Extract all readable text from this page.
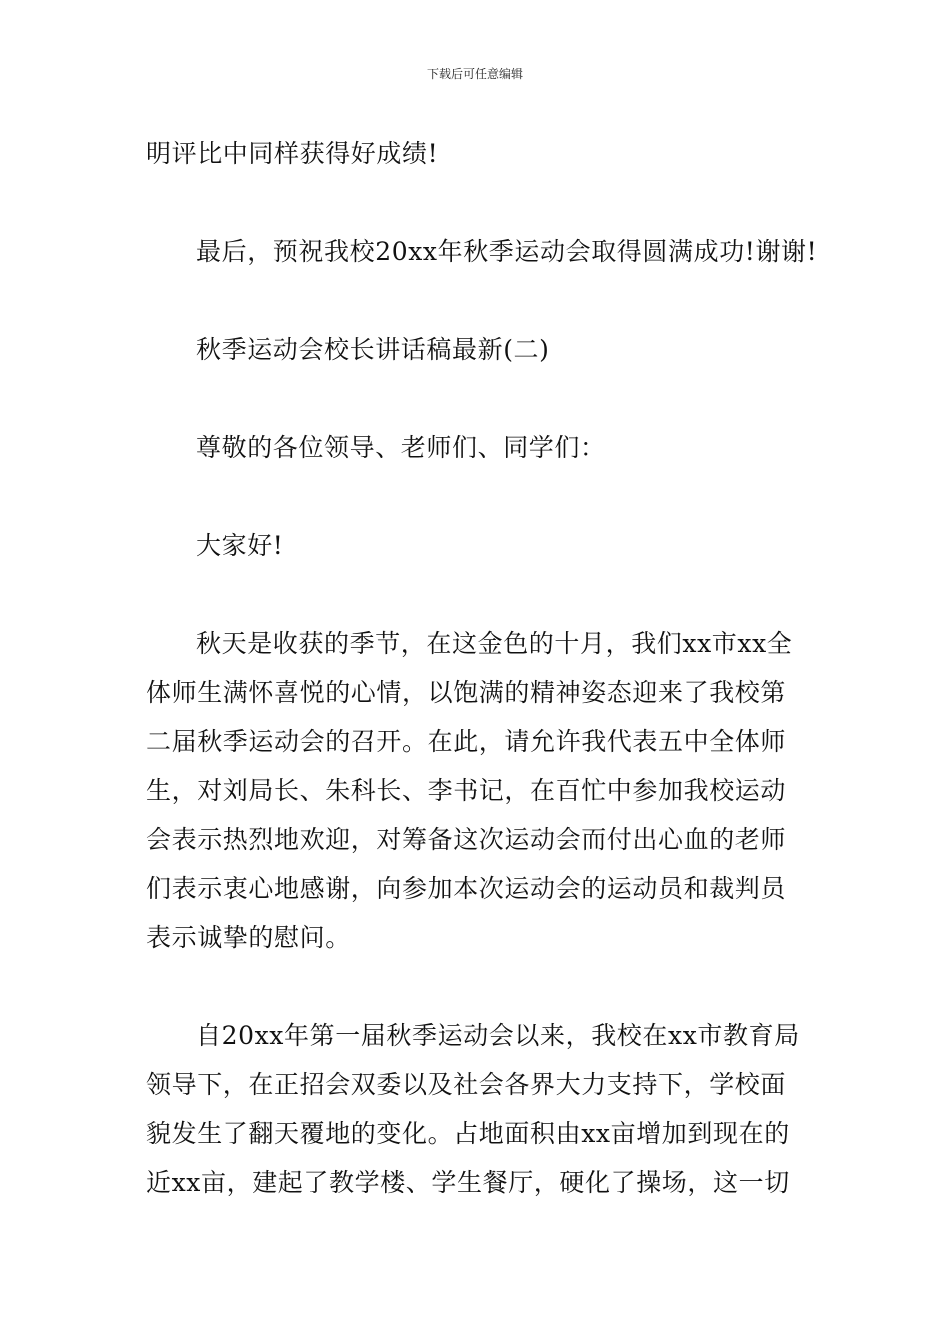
下载后可任意编辑
明评比中同样获得好成绩!
最后，预祝我校20xx年秋季运动会取得圆满成功!谢谢!
秋季运动会校长讲话稿最新(二)
尊敬的各位领导、老师们、同学们：
大家好!
秋天是收获的季节，在这金色的十月，我们xx市xx全
体师生满怀喜悦的心情，以饱满的精神姿态迎来了我校第
二届秋季运动会的召开。在此，请允许我代表五中全体师
生，对刘局长、朱科长、李书记，在百忙中参加我校运动
会表示热烈地欢迎，对筹备这次运动会而付出心血的老师
们表示衷心地感谢，向参加本次运动会的运动员和裁判员
表示诚挚的慰问。
自20xx年第一届秋季运动会以来，我校在xx市教育局
领导下，在正招会双委以及社会各界大力支持下，学校面
貌发生了翻天覆地的变化。占地面积由xx亩增加到现在的
近xx亩，建起了教学楼、学生餐厅，硬化了操场，这一切
